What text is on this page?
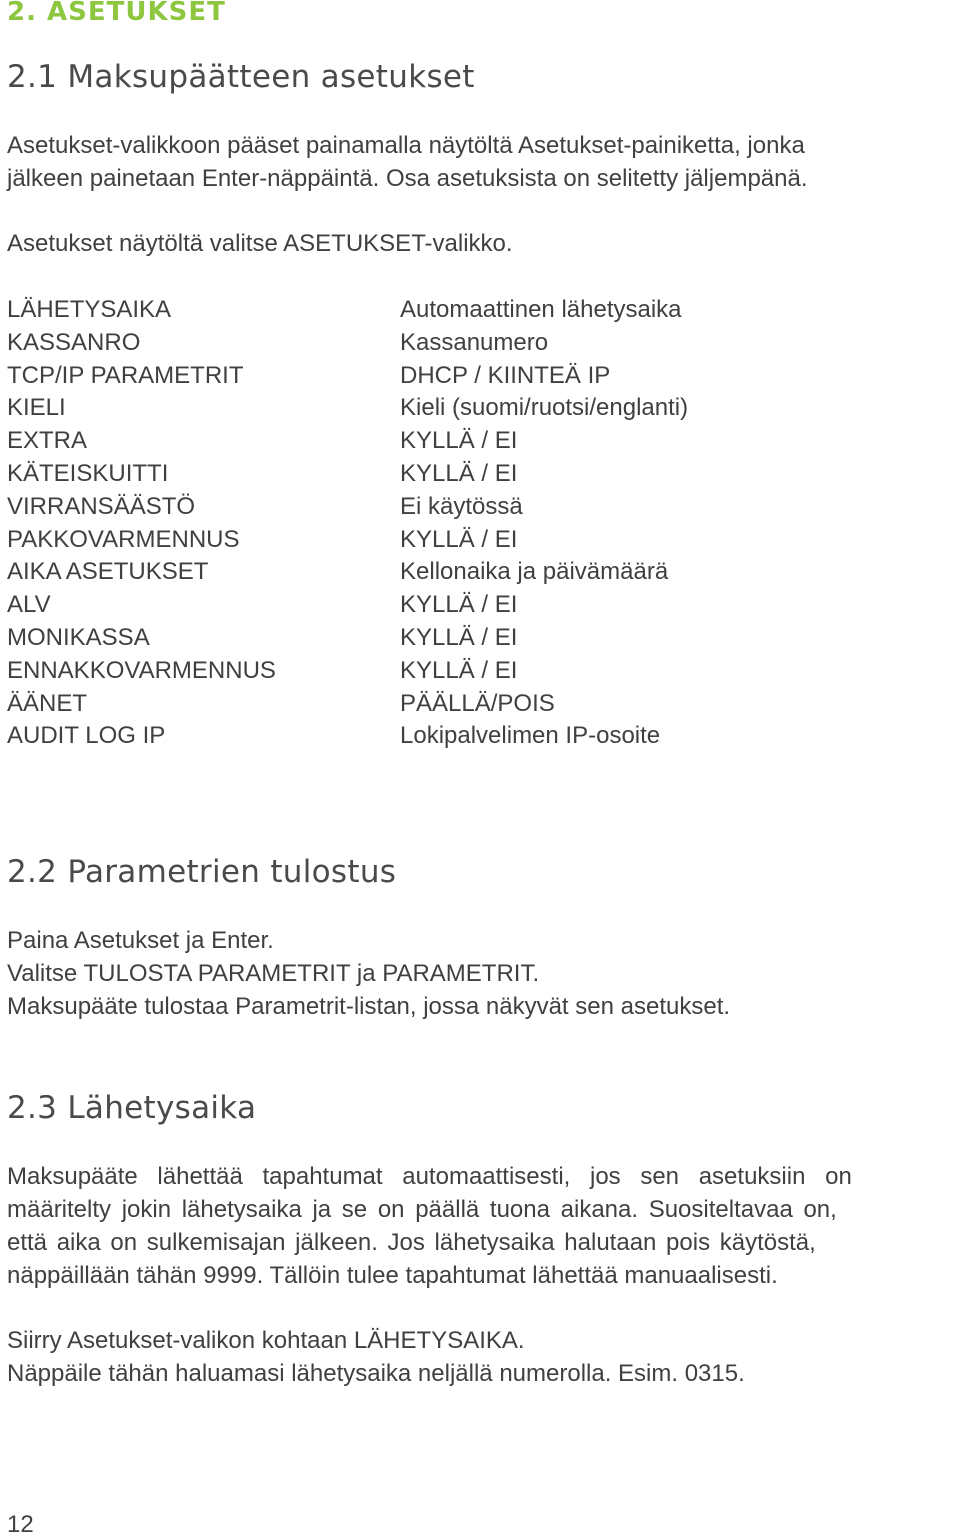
2. ASETUKSET
2.1 Maksupäätteen asetukset
Asetukset-valikkoon pääset painamalla näytöltä Asetukset-painiketta, jonka
jälkeen painetaan Enter-näppäintä. Osa asetuksista on selitetty jäljempänä.

Asetukset näytöltä valitse ASETUKSET-valikko.

LÄHETYSAIKA	Automaattinen lähetysaika
KASSANRO	Kassanumero
TCP/IP PARAMETRIT	DHCP / KIINTEÄ IP
KIELI	Kieli (suomi/ruotsi/englanti)
EXTRA	KYLLÄ / EI
KÄTEISKUITTI	KYLLÄ / EI
VIRRANSÄÄSTÖ	Ei käytössä
PAKKOVARMENNUS	KYLLÄ / EI
AIKA ASETUKSET	Kellonaika ja päivämäärä
ALV	KYLLÄ / EI
MONIKASSA	KYLLÄ / EI
ENNAKKOVARMENNUS	KYLLÄ / EI
ÄÄNET	PÄÄLLÄ/POIS
AUDIT LOG IP	Lokipalvelimen IP-osoite
2.2 Parametrien tulostus
Paina Asetukset ja Enter.
Valitse TULOSTA PARAMETRIT ja PARAMETRIT.
Maksupääte tulostaa Parametrit-listan, jossa näkyvät sen asetukset.
2.3 Lähetysaika
Maksupääte lähettää tapahtumat automaattisesti, jos sen asetuksiin on
määritelty jokin lähetysaika ja se on päällä tuona aikana. Suositeltavaa on,
että aika on sulkemisajan jälkeen. Jos lähetysaika halutaan pois käytöstä,
näppäillään tähän 9999. Tällöin tulee tapahtumat lähettää manuaalisesti.
Siirry Asetukset-valikon kohtaan LÄHETYSAIKA.
Näppäile tähän haluamasi lähetysaika neljällä numerolla. Esim. 0315.
12
